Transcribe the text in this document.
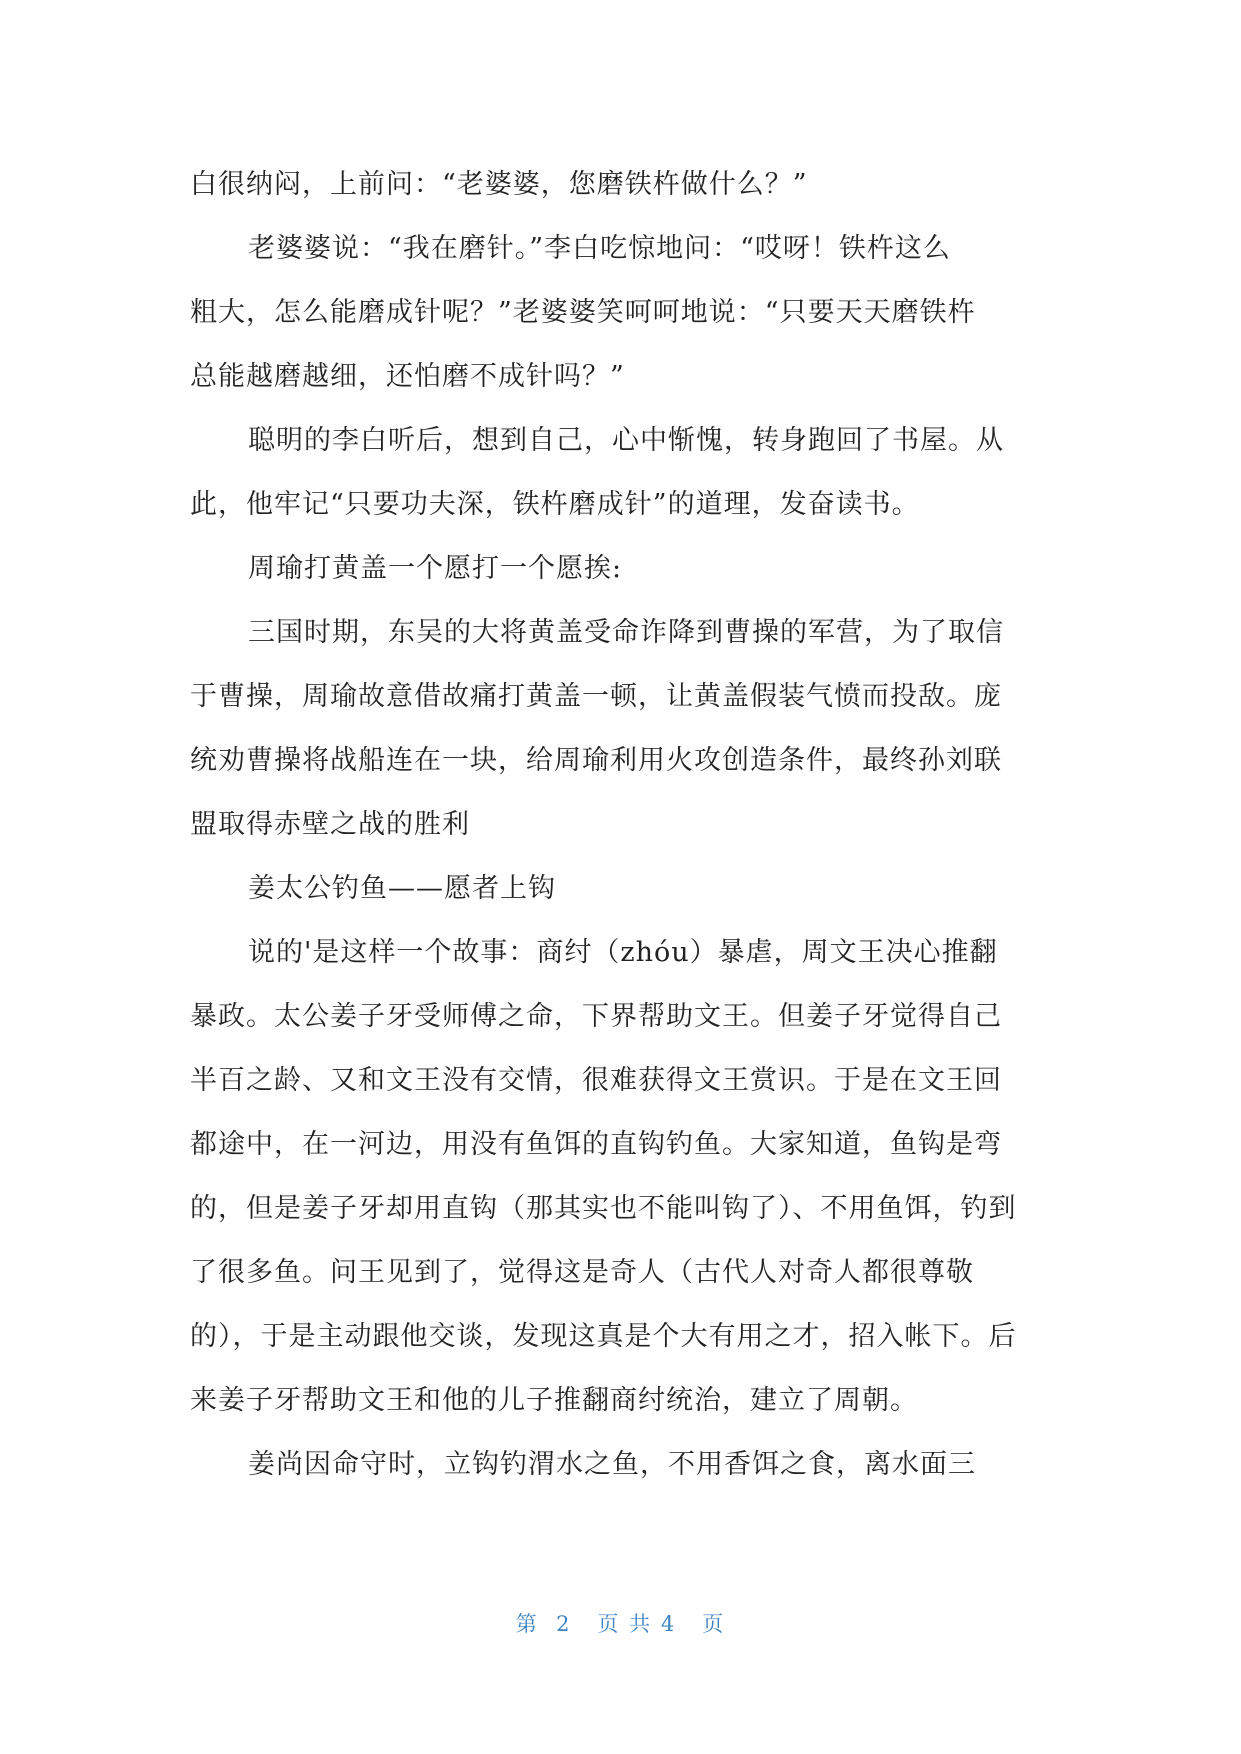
白很纳闷，上前问：“老婆婆，您磨铁杵做什么？”
老婆婆说：“我在磨针。”李白吃惊地问：“哎呀！铁杵这么
粗大，怎么能磨成针呢？”老婆婆笑呵呵地说：“只要天天磨铁杵
总能越磨越细，还怕磨不成针吗？”
聪明的李白听后，想到自己，心中惭愧，转身跑回了书屋。从
此，他牢记“只要功夫深，铁杵磨成针”的道理，发奋读书。
周瑜打黄盖一个愿打一个愿挨:
三国时期，东吴的大将黄盖受命诈降到曹操的军营，为了取信
于曹操，周瑜故意借故痛打黄盖一顿，让黄盖假装气愤而投敌。庞
统劝曹操将战船连在一块，给周瑜利用火攻创造条件，最终孙刘联
盟取得赤壁之战的胜利
姜太公钓鱼——愿者上钩
说的'是这样一个故事：商纣（zhóu）暴虐，周文王决心推翻
暴政。太公姜子牙受师傅之命，下界帮助文王。但姜子牙觉得自己
半百之龄、又和文王没有交情，很难获得文王赏识。于是在文王回
都途中，在一河边，用没有鱼饵的直钩钓鱼。大家知道，鱼钩是弯
的，但是姜子牙却用直钩（那其实也不能叫钩了）、不用鱼饵，钓到
了很多鱼。问王见到了，觉得这是奇人（古代人对奇人都很尊敬
的），于是主动跟他交谈，发现这真是个大有用之才，招入帐下。后
来姜子牙帮助文王和他的儿子推翻商纣统治，建立了周朝。
姜尚因命守时，立钩钓渭水之鱼，不用香饵之食，离水面三
第  2   页 共 4   页
